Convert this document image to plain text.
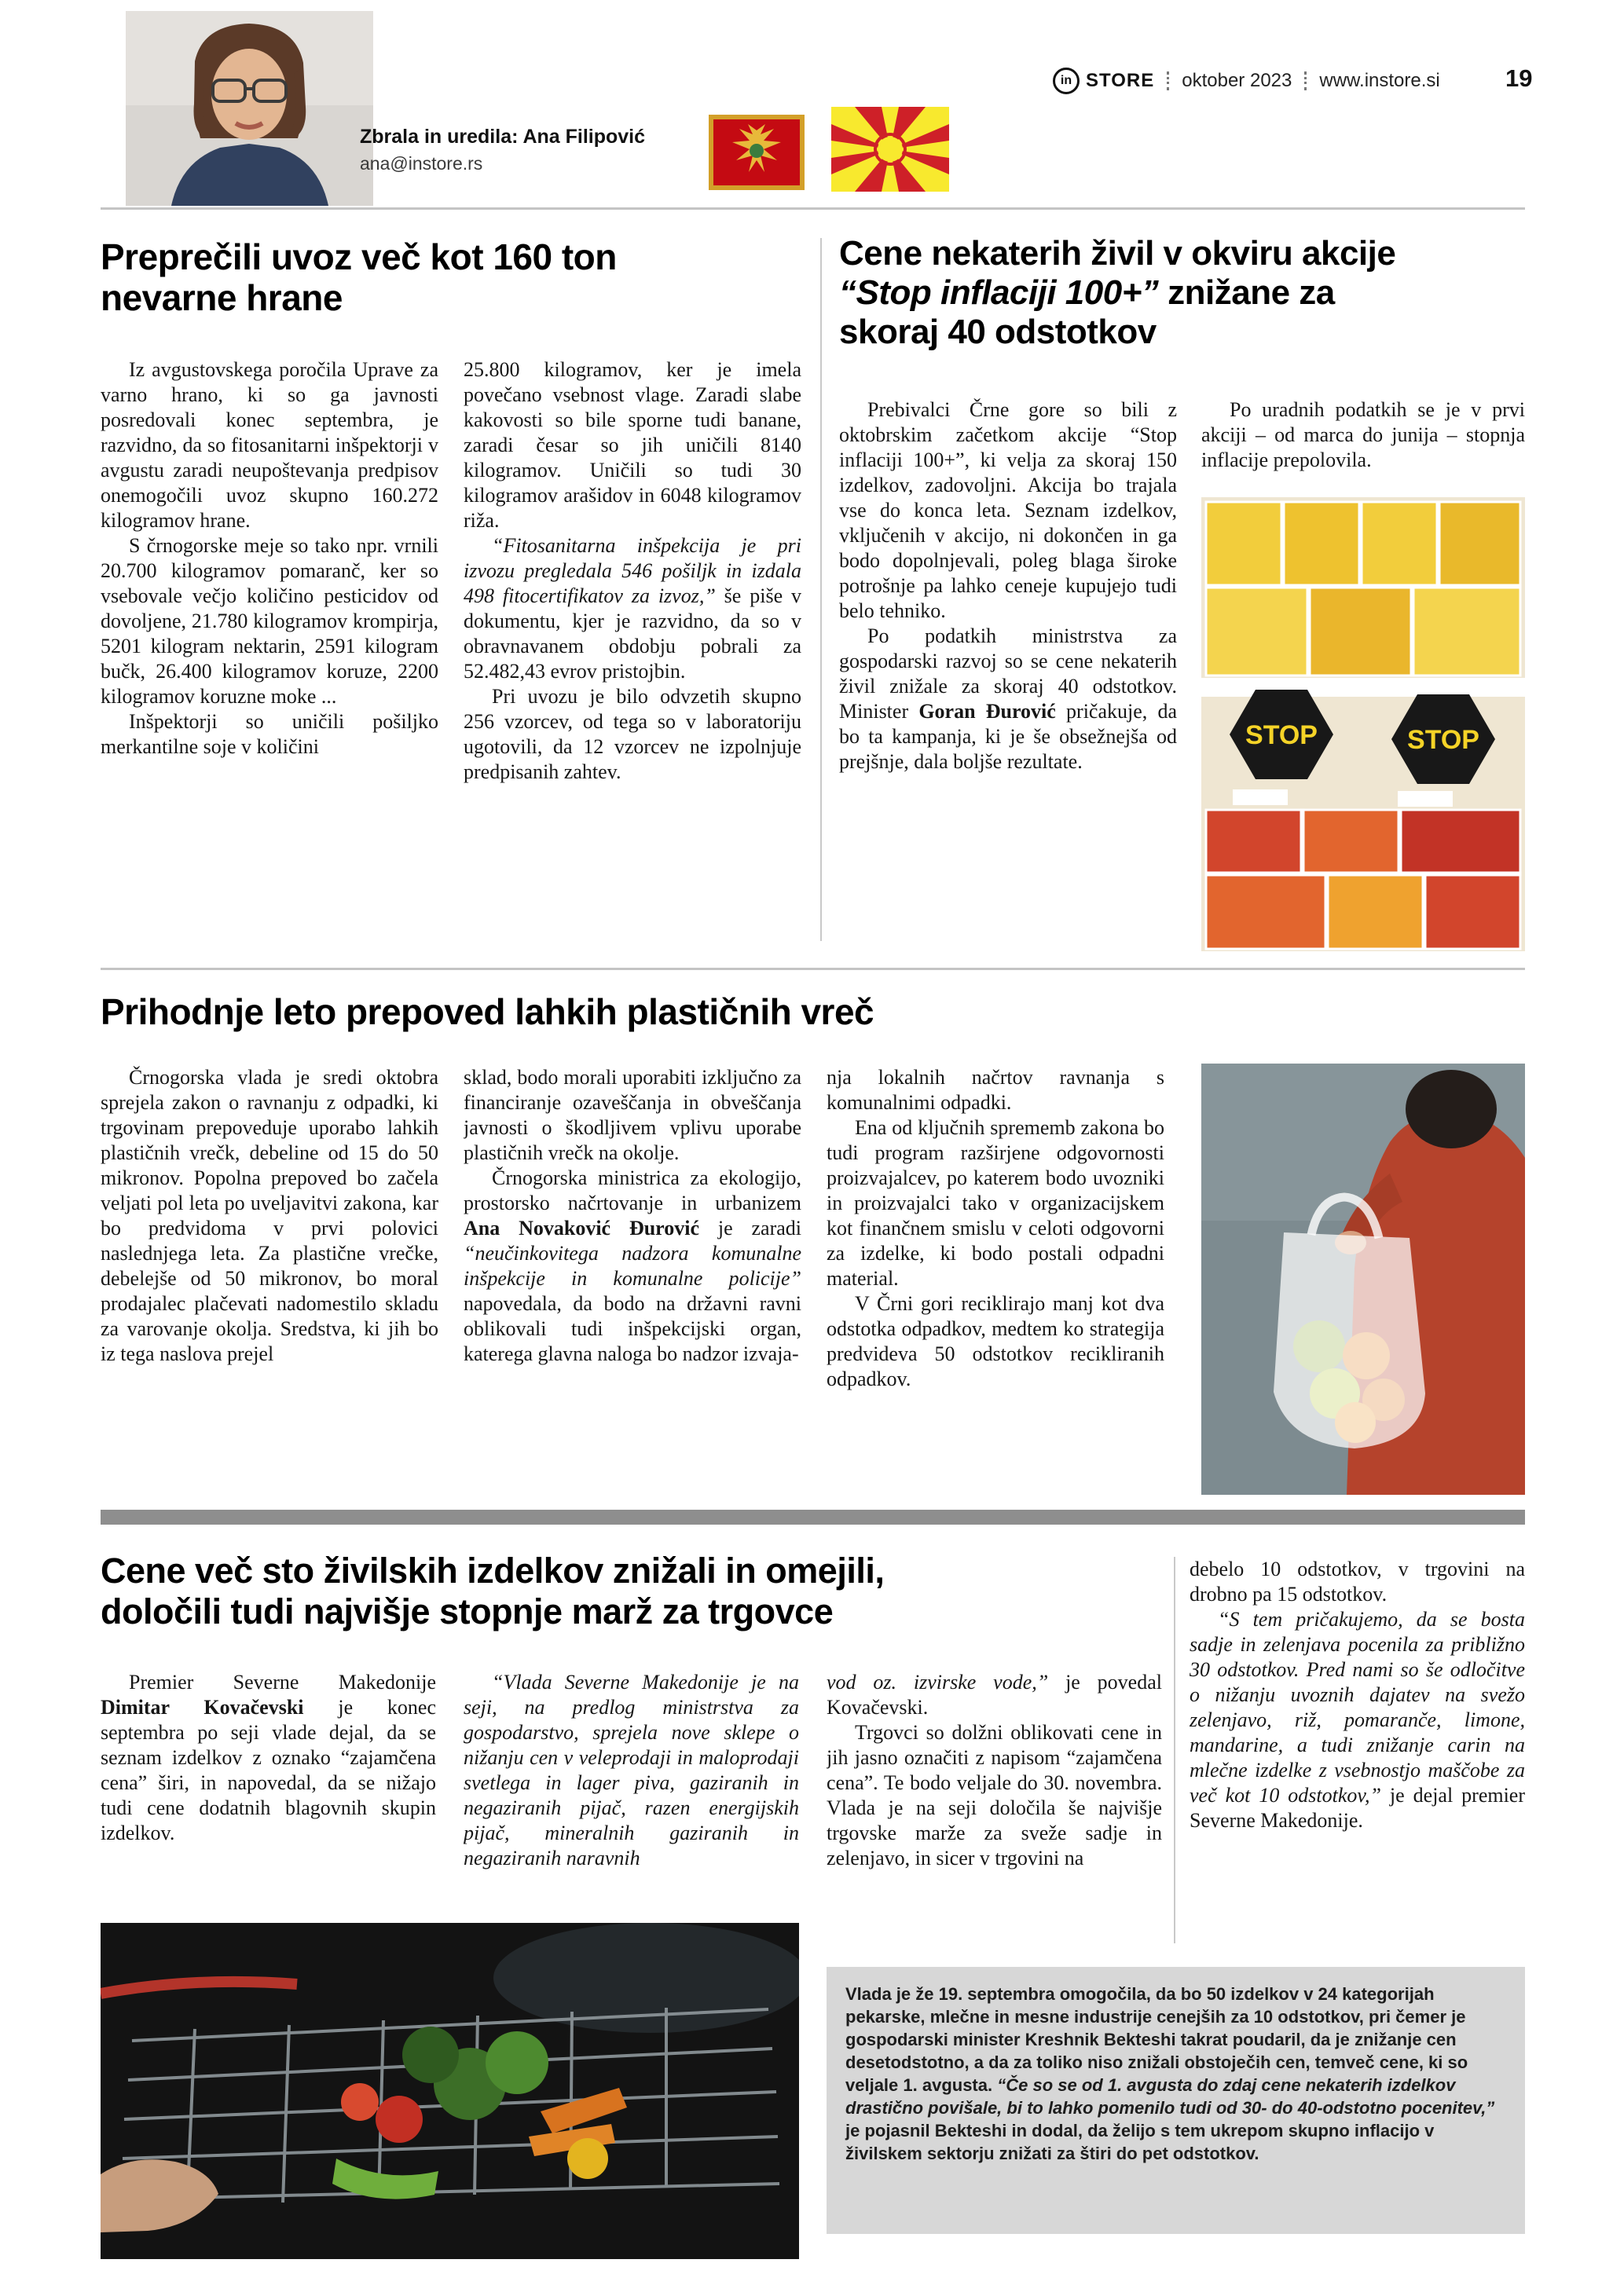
Zbrala in uredila: Ana Filipović
ana@instore.rs
in STORE oktober 2023 www.instore.si	19
Preprečili uvoz več kot 160 ton
nevarne hrane

Iz avgustovskega poročila Uprave za varno hrano, ki so ga javnosti posredovali konec septembra, je razvidno, da so fitosanitarni inšpektorji v avgustu zaradi neupoštevanja predpisov onemogočili uvoz skupno 160.272 kilogramov hrane.

S črnogorske meje so tako npr. vrnili 20.700 kilogramov pomaranč, ker so vsebovale večjo količino pesticidov od dovoljene, 21.780 kilogramov krompirja, 5201 kilogram nektarin, 2591 kilogram bučk, 26.400 kilogramov koruze, 2200 kilogramov koruzne moke ...

Inšpektorji so uničili pošiljko merkantilne soje v količini

25.800 kilogramov, ker je imela povečano vsebnost vlage. Zaradi slabe kakovosti so bile sporne tudi banane, zaradi česar so jih uničili 8140 kilogramov. Uničili so tudi 30 kilogramov arašidov in 6048 kilogramov riža.

“Fitosanitarna inšpekcija je pri izvozu pregledala 546 pošiljk in izdala 498 fitocertifikatov za izvoz,” še piše v dokumentu, kjer je razvidno, da so v obravnavanem obdobju pobrali za 52.482,43 evrov pristojbin.

Pri uvozu je bilo odvzetih skupno 256 vzorcev, od tega so v laboratoriju ugotovili, da 12 vzorcev ne izpolnjuje predpisanih zahtev.

Cene nekaterih živil v okviru akcije
“Stop inflaciji 100+” znižane za
skoraj 40 odstotkov

Prebivalci Črne gore so bili z oktobrskim začetkom akcije “Stop inflaciji 100+”, ki velja za skoraj 150 izdelkov, zadovoljni. Akcija bo trajala vse do konca leta. Seznam izdelkov, vključenih v akcijo, ni dokončen in ga bodo dopolnjevali, poleg blaga široke potrošnje pa lahko ceneje kupujejo tudi belo tehniko.

Po podatkih ministrstva za gospodarski razvoj so se cene nekaterih živil znižale za skoraj 40 odstotkov. Minister Goran Đurović pričakuje, da bo ta kampanja, ki je še obsežnejša od prejšnje, dala boljše rezultate.

Po uradnih podatkih se je v prvi akciji – od marca do junija – stopnja inflacije prepolovila.

STOP	STOP
Prihodnje leto prepoved lahkih plastičnih vreč

Črnogorska vlada je sredi oktobra sprejela zakon o ravnanju z odpadki, ki trgovinam prepoveduje uporabo lahkih plastičnih vrečk, debeline od 15 do 50 mikronov. Popolna prepoved bo začela veljati pol leta po uveljavitvi zakona, kar bo predvidoma v prvi polovici naslednjega leta. Za plastične vrečke, debelejše od 50 mikronov, bo moral prodajalec plačevati nadomestilo skladu za varovanje okolja. Sredstva, ki jih bo iz tega naslova prejel

sklad, bodo morali uporabiti izključno za financiranje ozaveščanja in obveščanja javnosti o škodljivem vplivu uporabe plastičnih vrečk na okolje.

Črnogorska ministrica za ekologijo, prostorsko načrtovanje in urbanizem Ana Novaković Đurović je zaradi “neučinkovitega nadzora komunalne inšpekcije in komunalne policije” napovedala, da bodo na državni ravni oblikovali tudi inšpekcijski organ, katerega glavna naloga bo nadzor izvaja-

nja lokalnih načrtov ravnanja s komunalnimi odpadki.

Ena od ključnih sprememb zakona bo tudi program razširjene odgovornosti proizvajalcev, po katerem bodo uvozniki in proizvajalci tako v organizacijskem kot finančnem smislu v celoti odgovorni za izdelke, ki bodo postali odpadni material.

V Črni gori reciklirajo manj kot dva odstotka odpadkov, medtem ko strategija predvideva 50 odstotkov recikliranih odpadkov.

Cene več sto živilskih izdelkov znižali in omejili,
določili tudi najvišje stopnje marž za trgovce

Premier Severne Makedonije Dimitar Kovačevski je konec septembra po seji vlade dejal, da se seznam izdelkov z oznako “zajamčena cena” širi, in napovedal, da se nižajo tudi cene dodatnih blagovnih skupin izdelkov.

“Vlada Severne Makedonije je na seji, na predlog ministrstva za gospodarstvo, sprejela nove sklepe o nižanju cen v veleprodaji in maloprodaji svetlega in lager piva, gaziranih in negaziranih pijač, razen energijskih pijač, mineralnih gaziranih in negaziranih naravnih

vod oz. izvirske vode,” je povedal Kovačevski.

Trgovci so dolžni oblikovati cene in jih jasno označiti z napisom “zajamčena cena”. Te bodo veljale do 30. novembra. Vlada je na seji določila še najvišje trgovske marže za sveže sadje in zelenjavo, in sicer v trgovini na

debelo 10 odstotkov, v trgovini na drobno pa 15 odstotkov.

“S tem pričakujemo, da se bosta sadje in zelenjava pocenila za približno 30 odstotkov. Pred nami so še odločitve o nižanju uvoznih dajatev na svežo zelenjavo, riž, pomaranče, limone, mandarine, a tudi znižanje carin na mlečne izdelke z vsebnostjo maščobe za več kot 10 odstotkov,” je dejal premier Severne Makedonije.

Vlada je že 19. septembra omogočila, da bo 50 izdelkov v 24 kategorijah pekarske, mlečne in mesne industrije cenejših za 10 odstotkov, pri čemer je gospodarski minister Kreshnik Bekteshi takrat poudaril, da je znižanje cen desetodstotno, a da za toliko niso znižali obstoječih cen, temveč cene, ki so veljale 1. avgusta. “Če so se od 1. avgusta do zdaj cene nekaterih izdelkov drastično povišale, bi to lahko pomenilo tudi od 30- do 40-odstotno pocenitev,” je pojasnil Bekteshi in dodal, da želijo s tem ukrepom skupno inflacijo v živilskem sektorju znižati za štiri do pet odstotkov.
